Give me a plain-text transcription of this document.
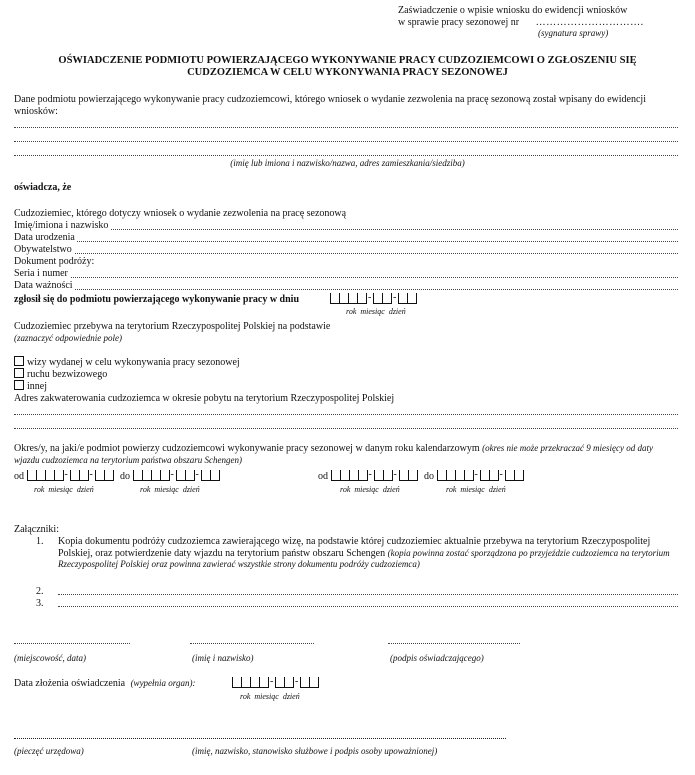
Zaświadczenie o wpisie wniosku do ewidencji wniosków
w sprawie pracy sezonowej nr ………………………….
(sygnatura sprawy)
OŚWIADCZENIE PODMIOTU POWIERZAJĄCEGO WYKONYWANIE PRACY CUDZOZIEMCOWI O ZGŁOSZENIU SIĘ
CUDZOZIEMCA W CELU WYKONYWANIA PRACY SEZONOWEJ
Dane podmiotu powierzającego wykonywanie pracy cudzoziemcowi, którego wniosek o wydanie zezwolenia na pracę sezonową został wpisany do ewidencji wniosków:
(imię lub imiona i nazwisko/nazwa, adres zamieszkania/siedziba)
oświadcza, że
Cudzoziemiec, którego dotyczy wniosek o wydanie zezwolenia na pracę sezonową
Imię/imiona i nazwisko
Data urodzenia
Obywatelstwo
Dokument podróży:
Seria i numer
Data ważności
zgłosił się do podmiotu powierzającego wykonywanie pracy w dniu
--
rok miesiąc dzień
Cudzoziemiec przebywa na terytorium Rzeczypospolitej Polskiej na podstawie
(zaznaczyć odpowiednie pole)
wizy wydanej w celu wykonywania pracy sezonowej
ruchu bezwizowego
innej
Adres zakwaterowania cudzoziemca w okresie pobytu na terytorium Rzeczypospolitej Polskiej
Okres/y, na jaki/e podmiot powierzy cudzoziemcowi wykonywanie pracy sezonowej w danym roku kalendarzowym (okres nie może przekraczać 9 miesięcy od daty wjazdu cudzoziemca na terytorium państwa obszaru Schengen)
od - -	do - -	od - -	do --
rok miesiąc dzień	rok miesiąc dzień	rok miesiąc dzień	rok miesiąc dzień
Załączniki:
1. Kopia dokumentu podróży cudzoziemca zawierającego wizę, na podstawie której cudzoziemiec aktualnie przebywa na terytorium Rzeczypospolitej Polskiej, oraz potwierdzenie daty wjazdu na terytorium państw obszaru Schengen (kopia powinna zostać sporządzona po przyjeździe cudzoziemca na terytorium Rzeczypospolitej Polskiej oraz powinna zawierać wszystkie strony dokumentu podróży cudzoziemca)
2.
3.
(miejscowość, data)	(imię i nazwisko)	(podpis oświadczającego)
Data złożenia oświadczenia (wypełnia organ):
--
rok miesiąc dzień
(pieczęć urzędowa)	(imię, nazwisko, stanowisko służbowe i podpis osoby upoważnionej)
